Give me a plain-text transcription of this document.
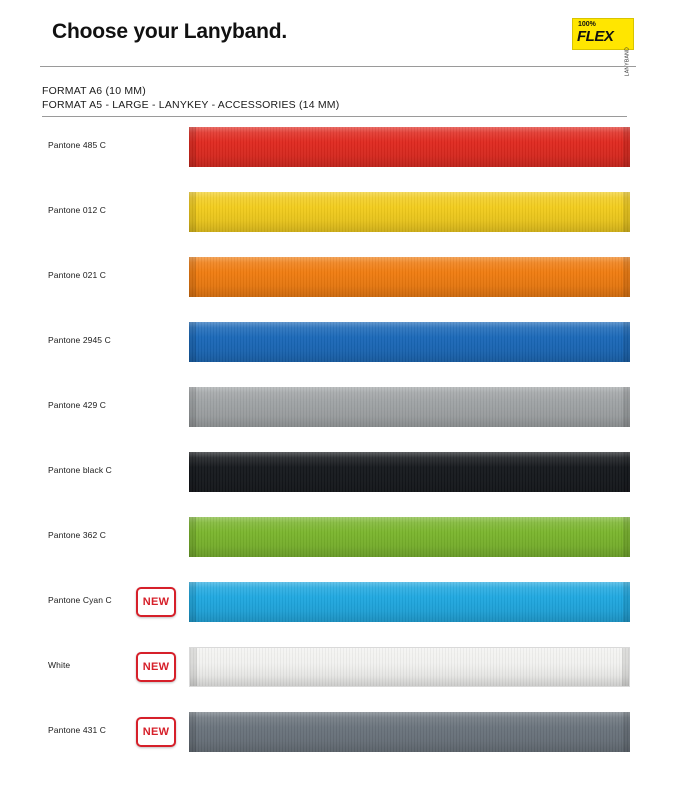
Choose your Lanyband.	100%
FLEX
LANYBAND
FORMAT A6 (10 MM)
FORMAT A5 - LARGE - LANYKEY - ACCESSORIES (14 MM)
Pantone 485 C
Pantone 012 C
Pantone 021 C
Pantone 2945 C
Pantone 429 C
Pantone black C
Pantone 362 C
Pantone Cyan C	NEW
White	NEW
Pantone 431 C	NEW
